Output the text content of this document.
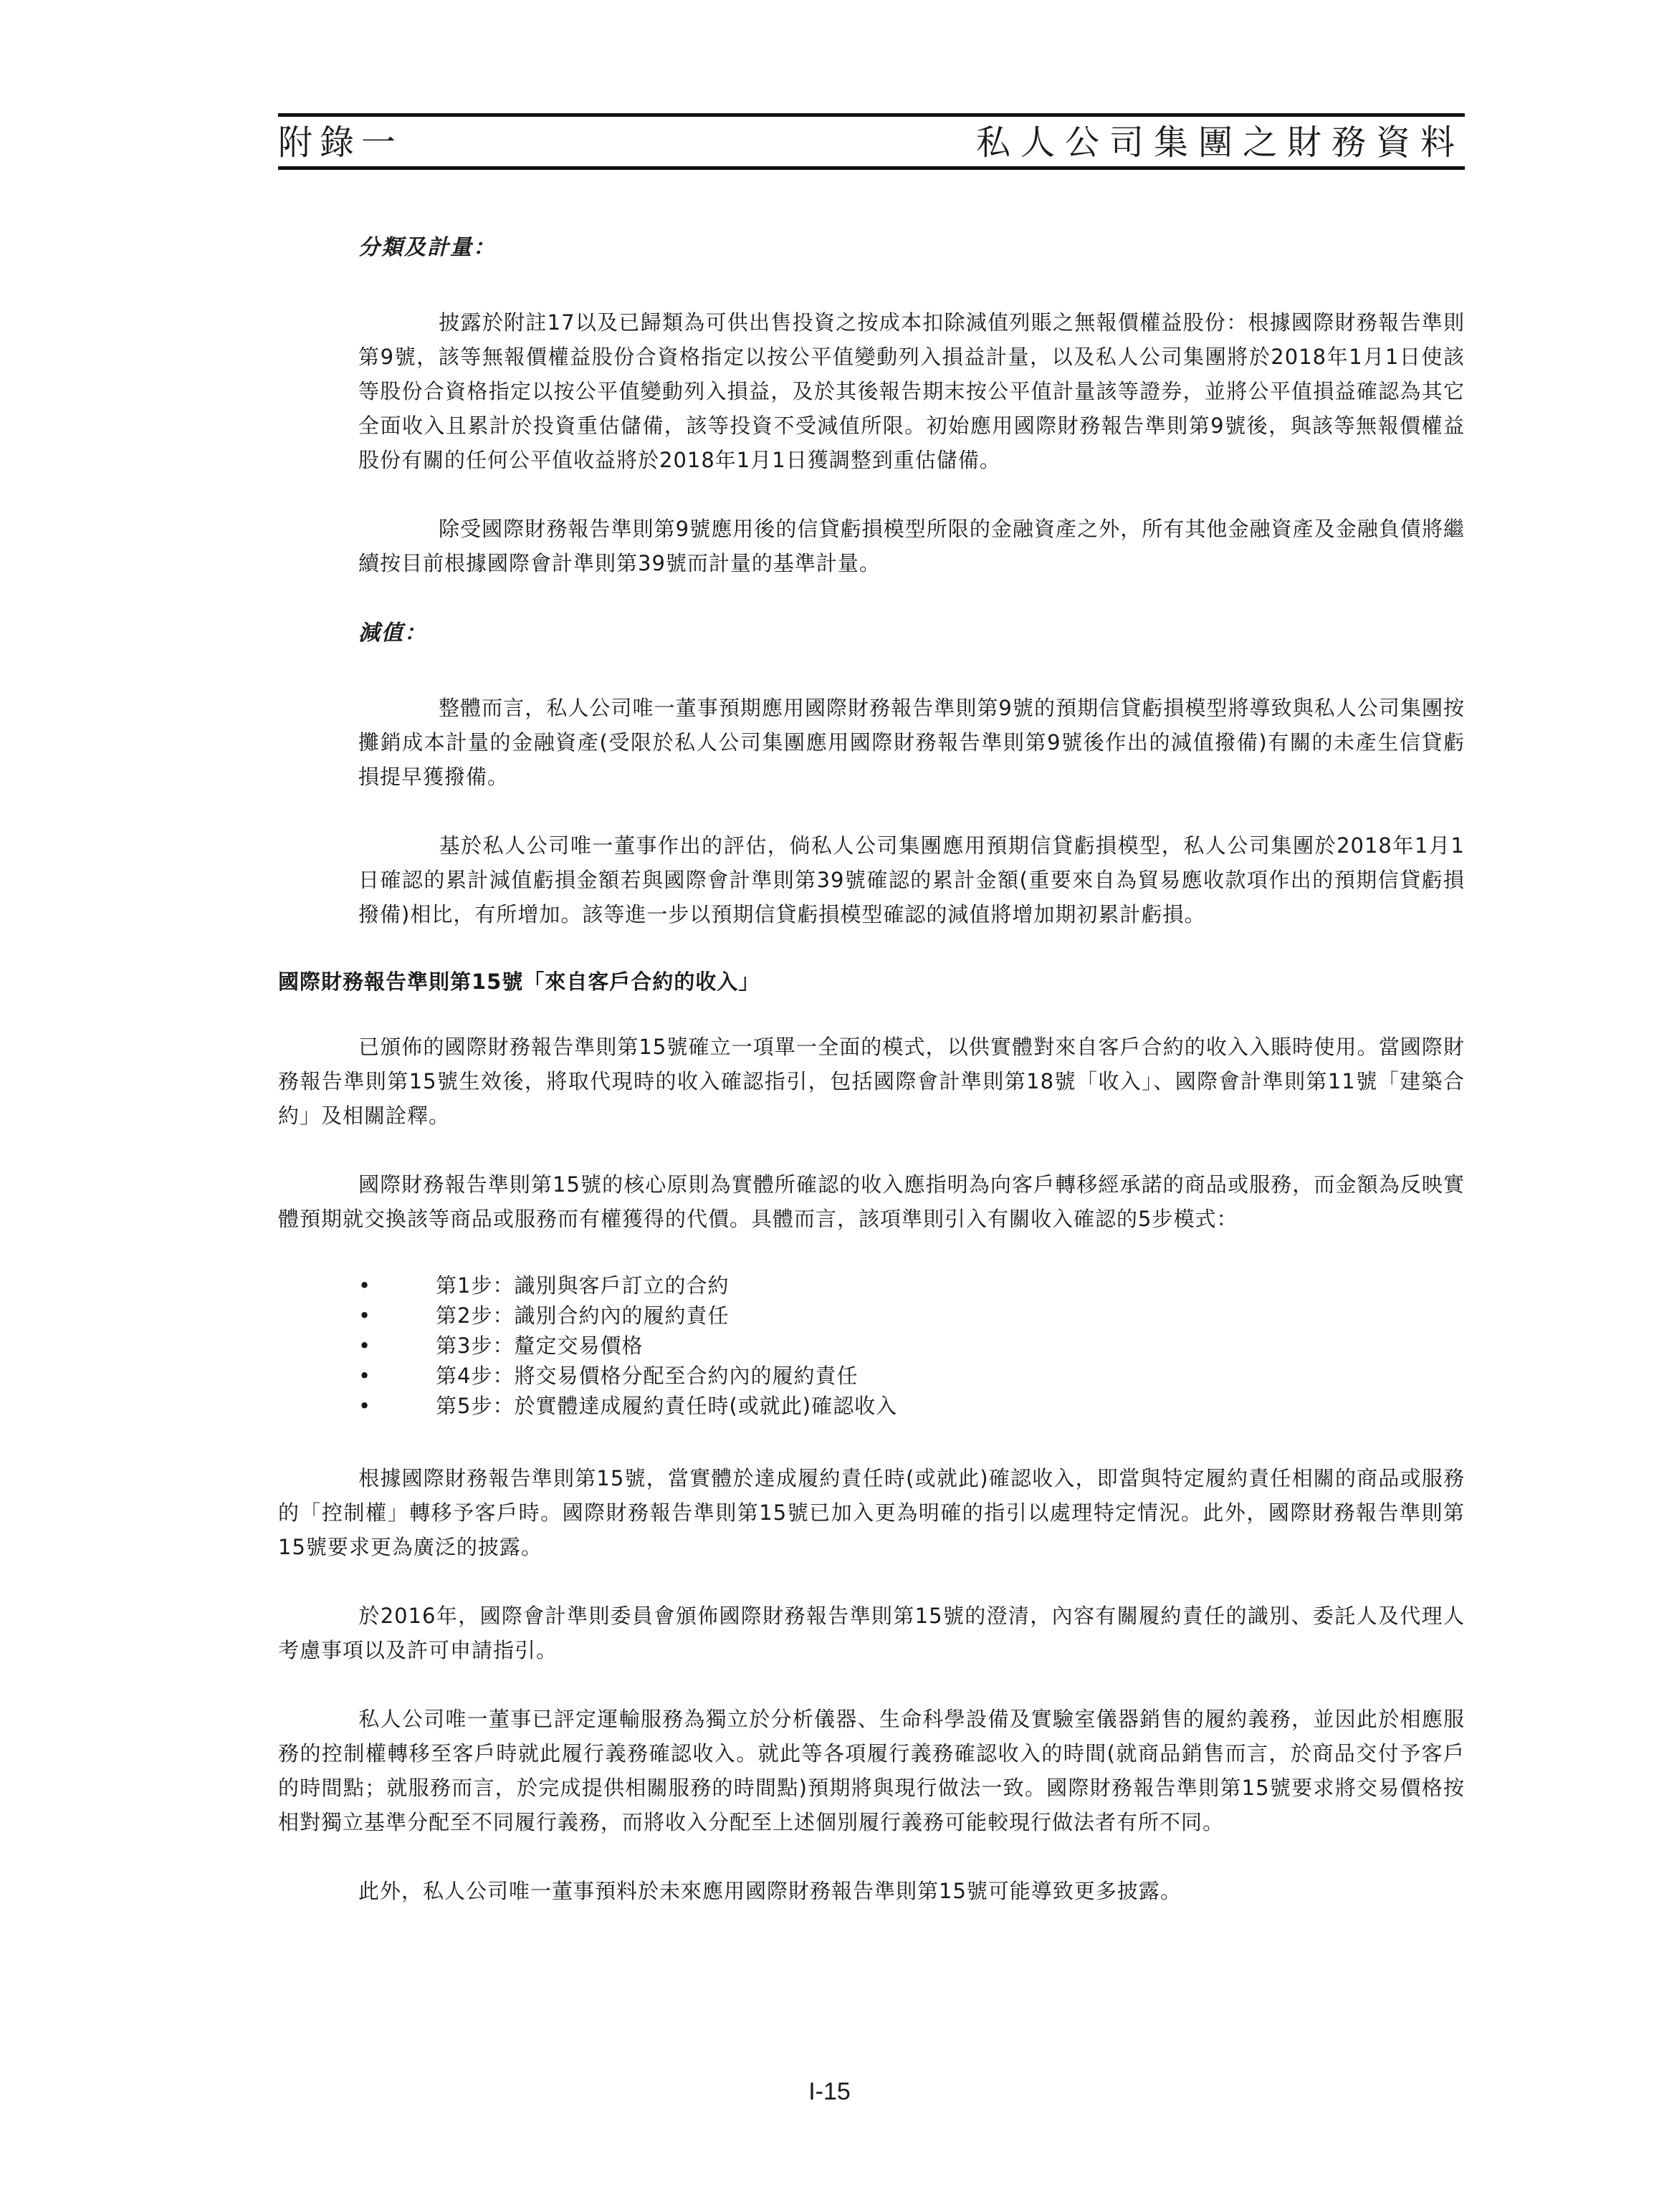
附錄一	私人公司集團之財務資料
分類及計量：

披露於附註17以及已歸類為可供出售投資之按成本扣除減值列賬之無報價權益股份：根據國際財務報告準則第9號，該等無報價權益股份合資格指定以按公平值變動列入損益計量，以及私人公司集團將於2018年1月1日使該等股份合資格指定以按公平值變動列入損益，及於其後報告期末按公平值計量該等證券，並將公平值損益確認為其它全面收入且累計於投資重估儲備，該等投資不受減值所限。初始應用國際財務報告準則第9號後，與該等無報價權益股份有關的任何公平值收益將於2018年1月1日獲調整到重估儲備。

除受國際財務報告準則第9號應用後的信貸虧損模型所限的金融資產之外，所有其他金融資產及金融負債將繼續按目前根據國際會計準則第39號而計量的基準計量。

減值：

整體而言，私人公司唯一董事預期應用國際財務報告準則第9號的預期信貸虧損模型將導致與私人公司集團按攤銷成本計量的金融資產(受限於私人公司集團應用國際財務報告準則第9號後作出的減值撥備)有關的未產生信貸虧損提早獲撥備。

基於私人公司唯一董事作出的評估，倘私人公司集團應用預期信貸虧損模型，私人公司集團於2018年1月1日確認的累計減值虧損金額若與國際會計準則第39號確認的累計金額(重要來自為貿易應收款項作出的預期信貸虧損撥備)相比，有所增加。該等進一步以預期信貸虧損模型確認的減值將增加期初累計虧損。

國際財務報告準則第15號「來自客戶合約的收入」

已頒佈的國際財務報告準則第15號確立一項單一全面的模式，以供實體對來自客戶合約的收入入賬時使用。當國際財務報告準則第15號生效後，將取代現時的收入確認指引，包括國際會計準則第18號「收入」、國際會計準則第11號「建築合約」及相關詮釋。

國際財務報告準則第15號的核心原則為實體所確認的收入應指明為向客戶轉移經承諾的商品或服務，而金額為反映實體預期就交換該等商品或服務而有權獲得的代價。具體而言，該項準則引入有關收入確認的5步模式：

•	第1步：識別與客戶訂立的合約
•	第2步：識別合約內的履約責任
•	第3步：釐定交易價格
•	第4步：將交易價格分配至合約內的履約責任
•	第5步：於實體達成履約責任時(或就此)確認收入

根據國際財務報告準則第15號，當實體於達成履約責任時(或就此)確認收入，即當與特定履約責任相關的商品或服務的「控制權」轉移予客戶時。國際財務報告準則第15號已加入更為明確的指引以處理特定情況。此外，國際財務報告準則第15號要求更為廣泛的披露。

於2016年，國際會計準則委員會頒佈國際財務報告準則第15號的澄清，內容有關履約責任的識別、委託人及代理人考慮事項以及許可申請指引。

私人公司唯一董事已評定運輸服務為獨立於分析儀器、生命科學設備及實驗室儀器銷售的履約義務，並因此於相應服務的控制權轉移至客戶時就此履行義務確認收入。就此等各項履行義務確認收入的時間(就商品銷售而言，於商品交付予客戶的時間點；就服務而言，於完成提供相關服務的時間點)預期將與現行做法一致。國際財務報告準則第15號要求將交易價格按相對獨立基準分配至不同履行義務，而將收入分配至上述個別履行義務可能較現行做法者有所不同。

此外，私人公司唯一董事預料於未來應用國際財務報告準則第15號可能導致更多披露。

I-15
